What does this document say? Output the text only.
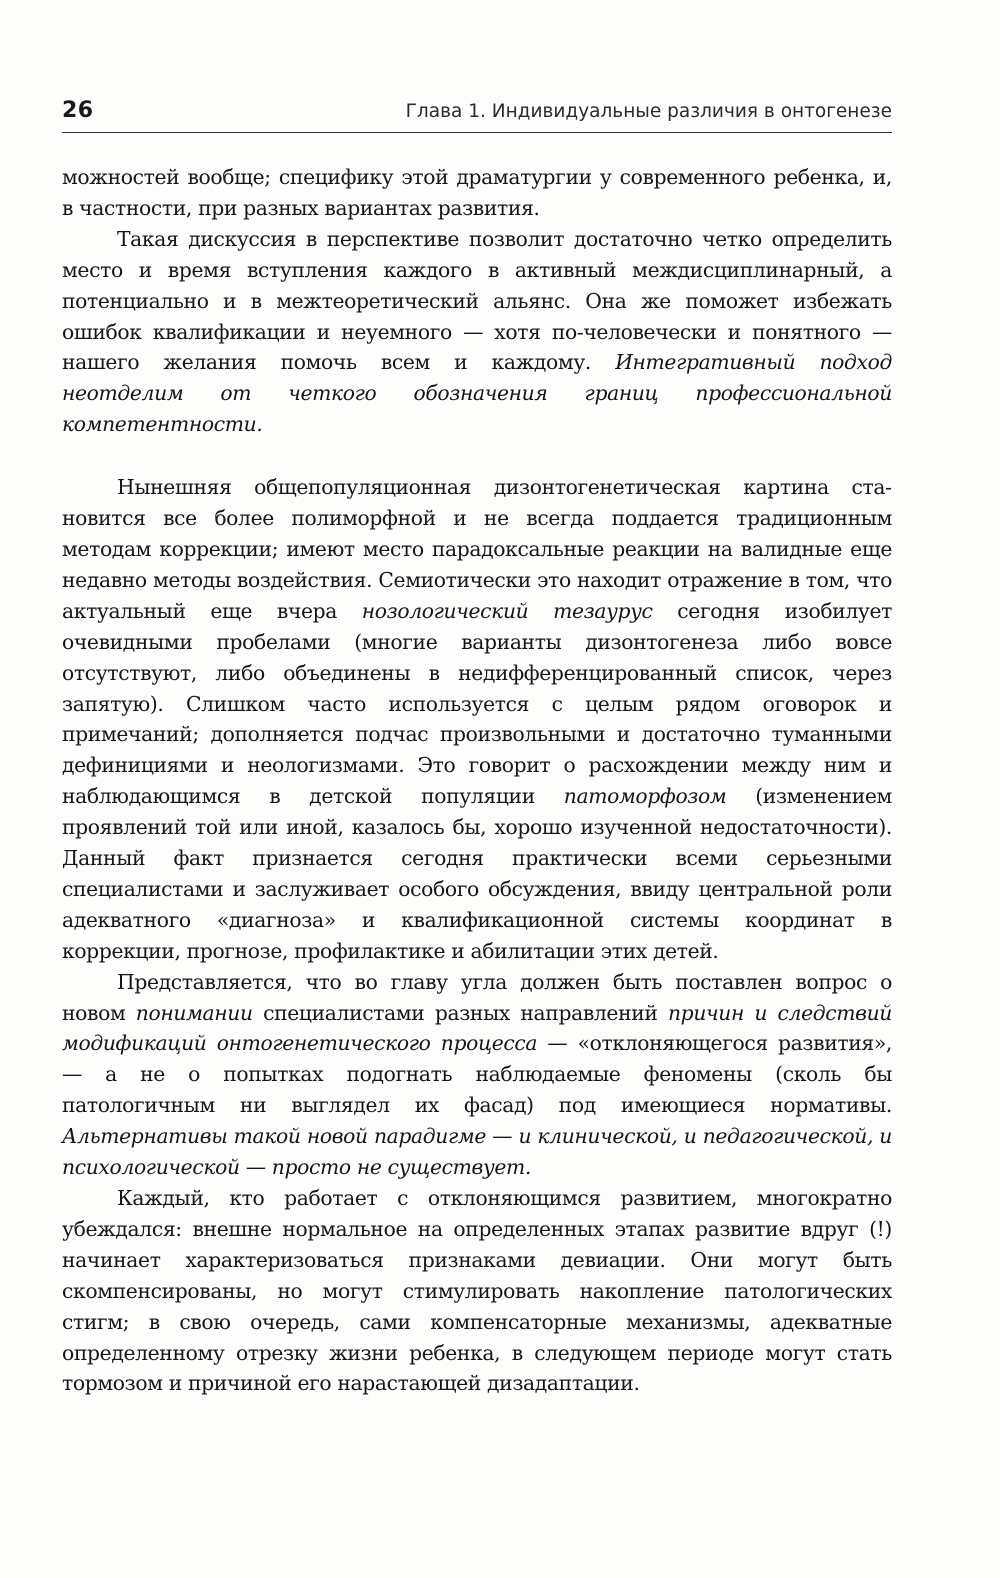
26	Глава 1. Индивидуальные различия в онтогенезе

можностей вообще; специфику этой драматургии у современного ребенка, и, в частности, при разных вариантах развития.

Такая дискуссия в перспективе позволит достаточно четко определить место и время вступления каждого в активный междисциплинарный, а потенциально и в межтеоретический альянс. Она же поможет избежать ошибок квалификации и неуемного — хотя по-человечески и понятного — нашего желания помочь всем и каждому. Интегративный подход неотделим от четкого обозначения границ профессиональной компетентности.

Нынешняя общепопуляционная дизонтогенетическая картина становится все более полиморфной и не всегда поддается традиционным методам коррекции; имеют место парадоксальные реакции на валидные еще недавно методы воздействия. Семиотически это находит отражение в том, что актуальный еще вчера нозологический тезаурус сегодня изобилует очевидными пробелами (многие варианты дизонтогенеза либо вовсе отсутствуют, либо объединены в недифференцированный список, через запятую). Слишком часто используется с целым рядом оговорок и примечаний; дополняется подчас произвольными и достаточно туманными дефинициями и неологизмами. Это говорит о расхождении между ним и наблюдающимся в детской популяции патоморфозом (изменением проявлений той или иной, казалось бы, хорошо изученной недостаточности). Данный факт признается сегодня практически всеми серьезными специалистами и заслуживает особого обсуждения, ввиду центральной роли адекватного «диагноза» и квалификационной системы координат в коррекции, прогнозе, профилактике и абилитации этих детей.

Представляется, что во главу угла должен быть поставлен вопрос о новом понимании специалистами разных направлений причин и следствий модификаций онтогенетического процесса — «отклоняющегося развития», — а не о попытках подогнать наблюдаемые феномены (сколь бы патологичным ни выглядел их фасад) под имеющиеся нормативы. Альтернативы такой новой парадигме — и клинической, и педагогической, и психологической — просто не существует.

Каждый, кто работает с отклоняющимся развитием, многократно убеждался: внешне нормальное на определенных этапах развитие вдруг (!) начинает характеризоваться признаками девиации. Они могут быть скомпенсированы, но могут стимулировать накопление патологических стигм; в свою очередь, сами компенсаторные механизмы, адекватные определенному отрезку жизни ребенка, в следующем периоде могут стать тормозом и причиной его нарастающей дизадаптации.
